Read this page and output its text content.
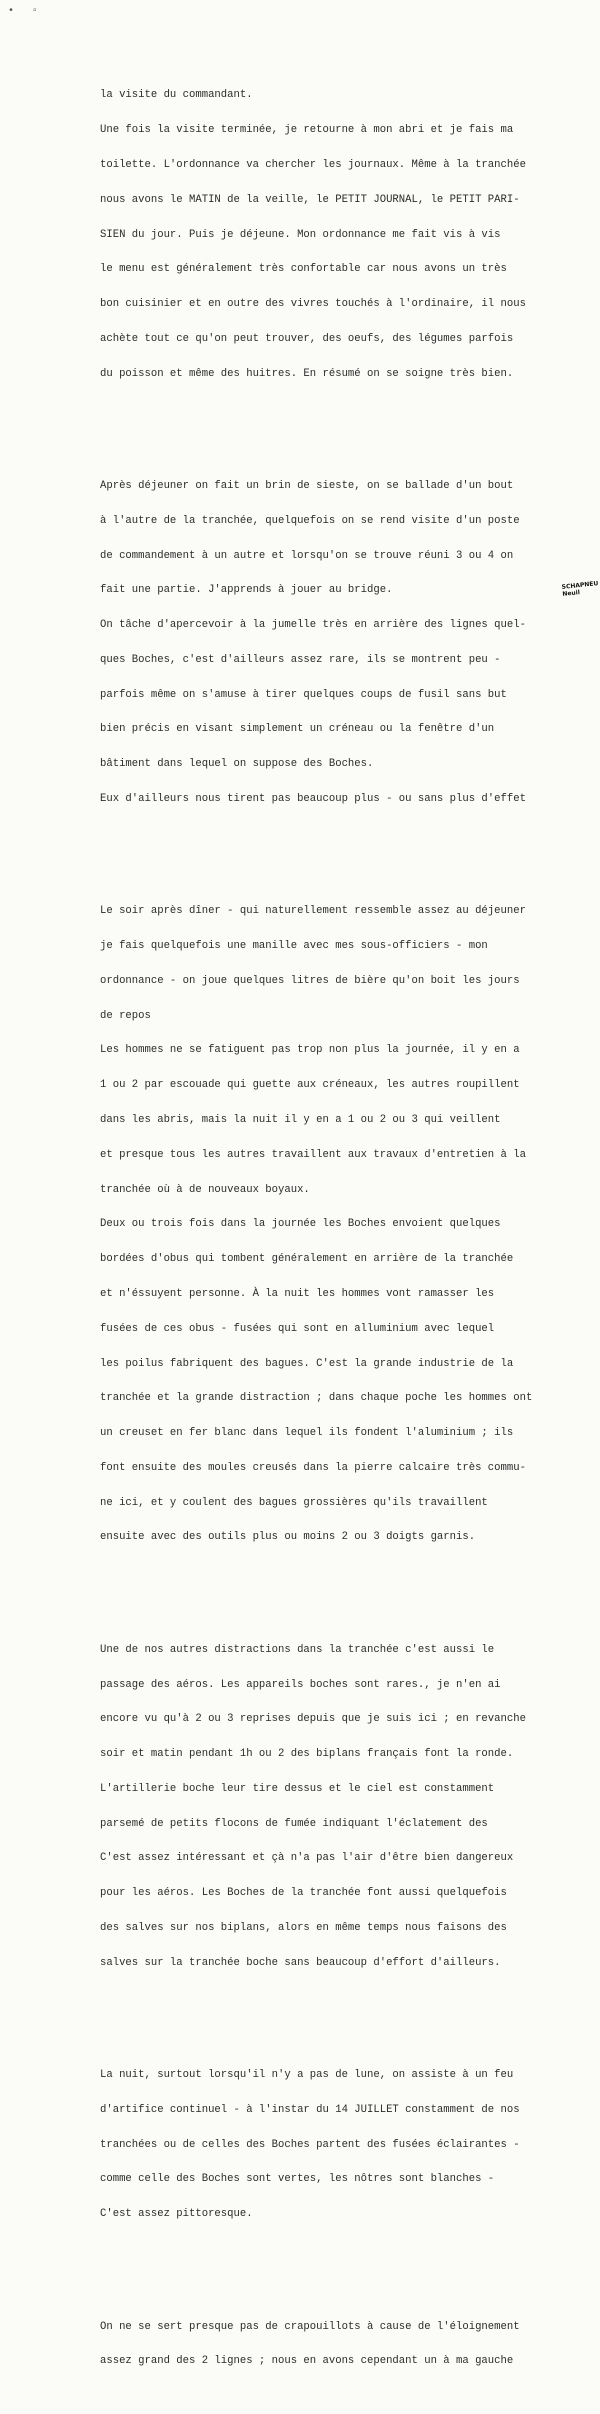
• ▫

la visite du commandant.

Une fois la visite terminée, je retourne à mon abri et je fais ma

toilette. L'ordonnance va chercher les journaux. Même à la tranchée

nous avons le MATIN de la veille, le PETIT JOURNAL, le PETIT PARI-

SIEN du jour. Puis je déjeune. Mon ordonnance me fait vis à vis

le menu est généralement très confortable car nous avons un très

bon cuisinier et en outre des vivres touchés à l'ordinaire, il nous

achète tout ce qu'on peut trouver, des oeufs, des légumes parfois

du poisson et même des huitres. En résumé on se soigne très bien.

Après déjeuner on fait un brin de sieste, on se ballade d'un bout

à l'autre de la tranchée, quelquefois on se rend visite d'un poste

de commandement à un autre et lorsqu'on se trouve réuni 3 ou 4 on

fait une partie. J'apprends à jouer au bridge.

On tâche d'apercevoir à la jumelle très en arrière des lignes quel-

ques Boches, c'est d'ailleurs assez rare, ils se montrent peu -

parfois même on s'amuse à tirer quelques coups de fusil sans but

bien précis en visant simplement un créneau ou la fenêtre d'un

bâtiment dans lequel on suppose des Boches.

Eux d'ailleurs nous tirent pas beaucoup plus - ou sans plus d'effet

Le soir après dîner - qui naturellement ressemble assez au déjeuner

je fais quelquefois une manille avec mes sous-officiers - mon

ordonnance - on joue quelques litres de bière qu'on boit les jours

de repos

Les hommes ne se fatiguent pas trop non plus la journée, il y en a

1 ou 2 par escouade qui guette aux créneaux, les autres roupillent

dans les abris, mais la nuit il y en a 1 ou 2 ou 3 qui veillent

et presque tous les autres travaillent aux travaux d'entretien à la

tranchée où à de nouveaux boyaux.

Deux ou trois fois dans la journée les Boches envoient quelques

bordées d'obus qui tombent généralement en arrière de la tranchée

et n'éssuyent personne. À la nuit les hommes vont ramasser les

fusées de ces obus - fusées qui sont en alluminium avec lequel

les poilus fabriquent des bagues. C'est la grande industrie de la

tranchée et la grande distraction ; dans chaque poche les hommes ont

un creuset en fer blanc dans lequel ils fondent l'aluminium ; ils

font ensuite des moules creusés dans la pierre calcaire très commu-

ne ici, et y coulent des bagues grossières qu'ils travaillent

ensuite avec des outils plus ou moins 2 ou 3 doigts garnis.

Une de nos autres distractions dans la tranchée c'est aussi le

passage des aéros. Les appareils boches sont rares., je n'en ai

encore vu qu'à 2 ou 3 reprises depuis que je suis ici ; en revanche

soir et matin pendant 1h ou 2 des biplans français font la ronde.

L'artillerie boche leur tire dessus et le ciel est constamment

parsemé de petits flocons de fumée indiquant l'éclatement des

C'est assez intéressant et çà n'a pas l'air d'être bien dangereux

pour les aéros. Les Boches de la tranchée font aussi quelquefois

des salves sur nos biplans, alors en même temps nous faisons des

salves sur la tranchée boche sans beaucoup d'effort d'ailleurs.

La nuit, surtout lorsqu'il n'y a pas de lune, on assiste à un feu

d'artifice continuel - à l'instar du 14 JUILLET constamment de nos

tranchées ou de celles des Boches partent des fusées éclairantes -

comme celle des Boches sont vertes, les nôtres sont blanches -

C'est assez pittoresque.

On ne se sert presque pas de crapouillots à cause de l'éloignement

assez grand des 2 lignes ; nous en avons cependant un à ma gauche

SCHAPNEU
Neuil
